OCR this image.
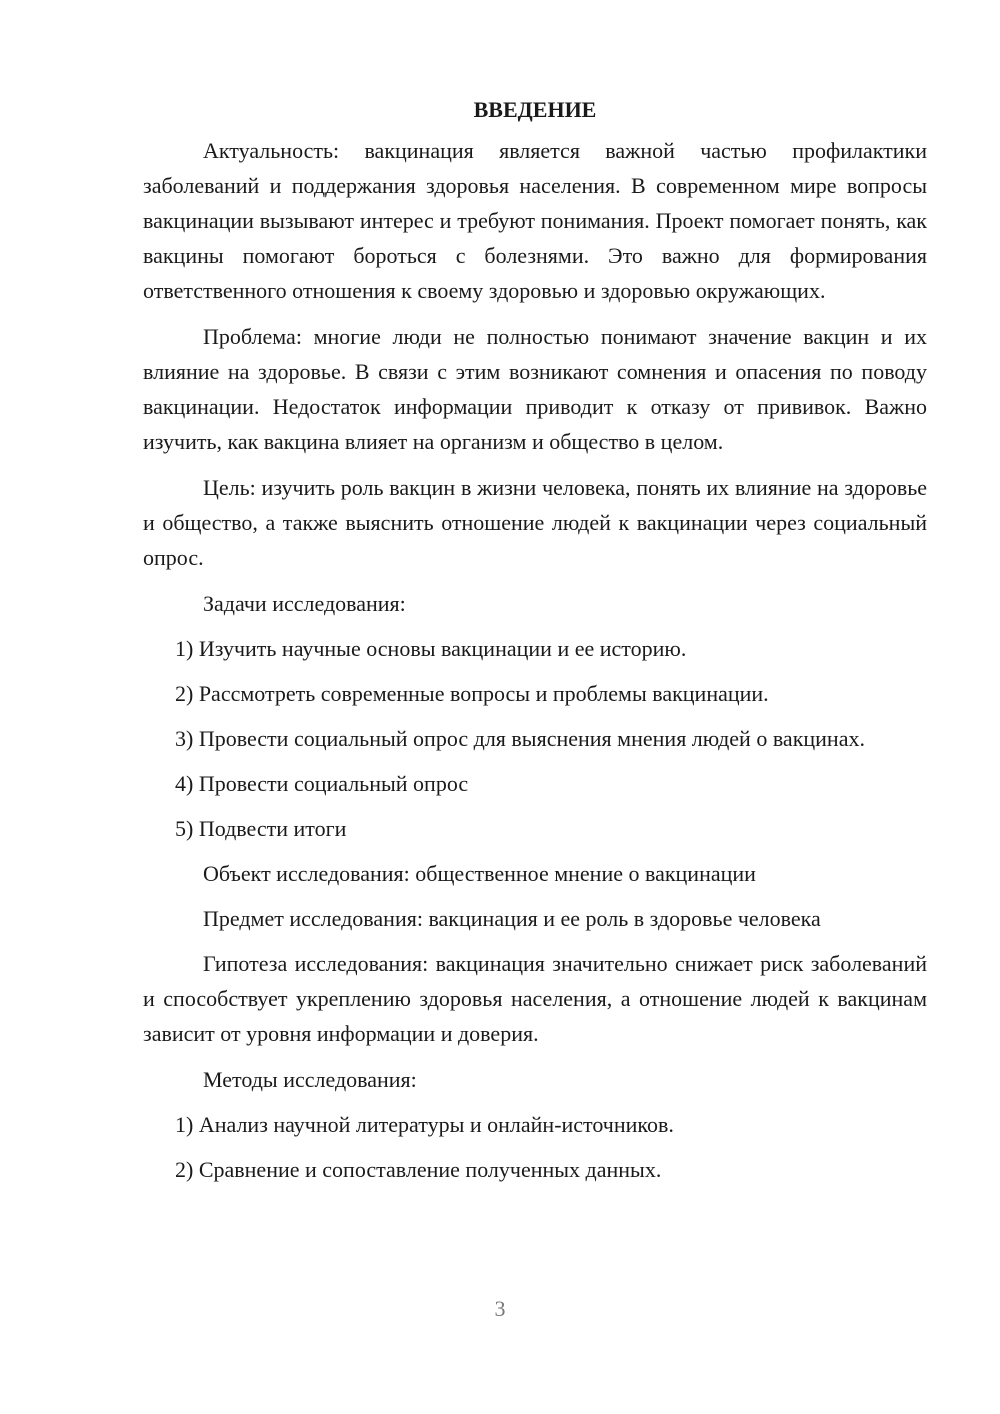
ВВЕДЕНИЕ

Актуальность: вакцинация является важной частью профилактики заболеваний и поддержания здоровья населения. В современном мире вопросы вакцинации вызывают интерес и требуют понимания. Проект помогает понять, как вакцины помогают бороться с болезнями. Это важно для формирования ответственного отношения к своему здоровью и здоровью окружающих.

Проблема: многие люди не полностью понимают значение вакцин и их влияние на здоровье. В связи с этим возникают сомнения и опасения по поводу вакцинации. Недостаток информации приводит к отказу от прививок. Важно изучить, как вакцина влияет на организм и общество в целом.

Цель: изучить роль вакцин в жизни человека, понять их влияние на здоровье и общество, а также выяснить отношение людей к вакцинации через социальный опрос.

Задачи исследования:
1) Изучить научные основы вакцинации и ее историю.
2) Рассмотреть современные вопросы и проблемы вакцинации.
3) Провести социальный опрос для выяснения мнения людей о вакцинах.
4) Провести социальный опрос
5) Подвести итоги
Объект исследования: общественное мнение о вакцинации
Предмет исследования: вакцинация и ее роль в здоровье человека

Гипотеза исследования: вакцинация значительно снижает риск заболеваний и способствует укреплению здоровья населения, а отношение людей к вакцинам зависит от уровня информации и доверия.

Методы исследования:
1) Анализ научной литературы и онлайн-источников.
2) Сравнение и сопоставление полученных данных.
3
